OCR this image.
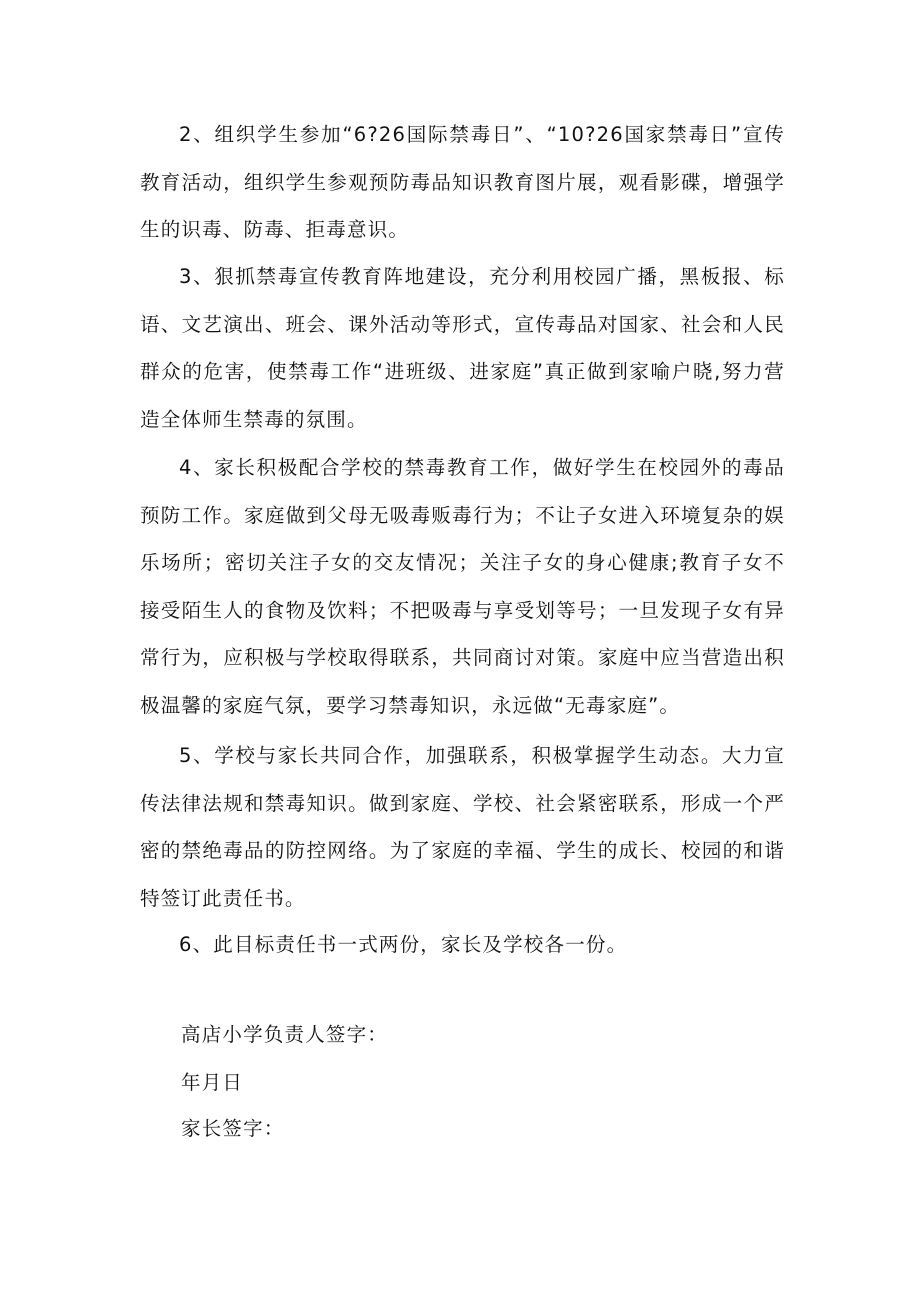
2、组织学生参加“6?26国际禁毒日”、“10?26国家禁毒日”宣传教育活动，组织学生参观预防毒品知识教育图片展，观看影碟，增强学生的识毒、防毒、拒毒意识。

3、狠抓禁毒宣传教育阵地建设，充分利用校园广播，黑板报、标语、文艺演出、班会、课外活动等形式，宣传毒品对国家、社会和人民群众的危害，使禁毒工作“进班级、进家庭”真正做到家喻户晓,努力营造全体师生禁毒的氛围。

4、家长积极配合学校的禁毒教育工作，做好学生在校园外的毒品预防工作。家庭做到父母无吸毒贩毒行为；不让子女进入环境复杂的娱乐场所；密切关注子女的交友情况；关注子女的身心健康;教育子女不接受陌生人的食物及饮料；不把吸毒与享受划等号；一旦发现子女有异常行为，应积极与学校取得联系，共同商讨对策。家庭中应当营造出积极温馨的家庭气氛，要学习禁毒知识，永远做“无毒家庭”。

5、学校与家长共同合作，加强联系，积极掌握学生动态。大力宣传法律法规和禁毒知识。做到家庭、学校、社会紧密联系，形成一个严密的禁绝毒品的防控网络。为了家庭的幸福、学生的成长、校园的和谐特签订此责任书。

6、此目标责任书一式两份，家长及学校各一份。

高店小学负责人签字：

年月日

家长签字：
